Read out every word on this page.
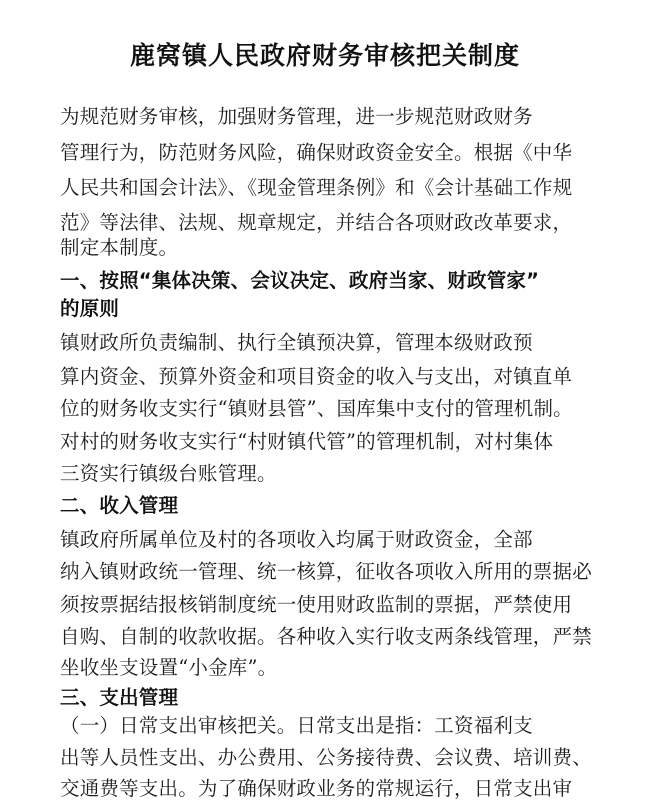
鹿窝镇人民政府财务审核把关制度
为规范财务审核，加强财务管理，进一步规范财政财务
管理行为，防范财务风险，确保财政资金安全。根据《中华
人民共和国会计法》、《现金管理条例》和《会计基础工作规
范》等法律、法规、规章规定，并结合各项财政改革要求，
制定本制度。
一、按照“集体决策、会议决定、政府当家、财政管家”
的原则
镇财政所负责编制、执行全镇预决算，管理本级财政预
算内资金、预算外资金和项目资金的收入与支出，对镇直单
位的财务收支实行“镇财县管”、国库集中支付的管理机制。
对村的财务收支实行“村财镇代管”的管理机制，对村集体
三资实行镇级台账管理。
二、收入管理
镇政府所属单位及村的各项收入均属于财政资金，全部
纳入镇财政统一管理、统一核算，征收各项收入所用的票据必
须按票据结报核销制度统一使用财政监制的票据，严禁使用
自购、自制的收款收据。各种收入实行收支两条线管理，严禁
坐收坐支设置“小金库”。
三、支出管理
（一）日常支出审核把关。日常支出是指：工资福利支
出等人员性支出、办公费用、公务接待费、会议费、培训费、
交通费等支出。为了确保财政业务的常规运行，日常支出审
